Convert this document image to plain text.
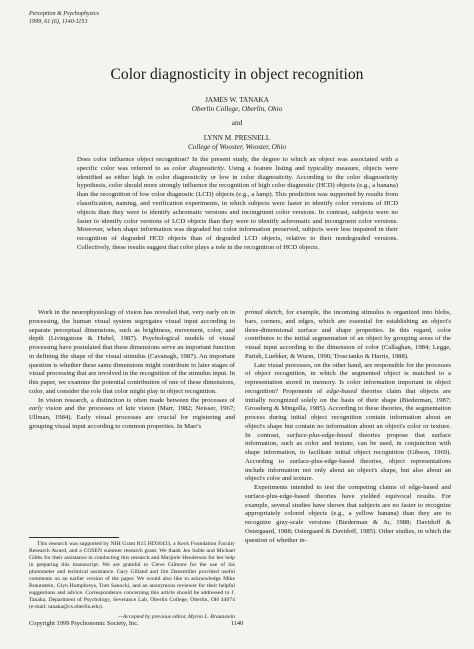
Perception & Psychophysics
1999, 61 (6), 1140-1153
Color diagnosticity in object recognition
JAMES W. TANAKA
Oberlin College, Oberlin, Ohio
and
LYNN M. PRESNELL
College of Wooster, Wooster, Ohio
Does color influence object recognition? In the present study, the degree to which an object was associated with a specific color was referred to as color diagnosticity. Using a feature listing and typicality measure, objects were identified as either high in color diagnosticity or low in color diagnosticity. According to the color diagnosticity hypothesis, color should more strongly influence the recognition of high color diagnostic (HCD) objects (e.g., a banana) than the recognition of low color diagnostic (LCD) objects (e.g., a lamp). This prediction was supported by results from classification, naming, and verification experiments, in which subjects were faster to identify color versions of HCD objects than they were to identify achromatic versions and incongruent color versions. In contrast, subjects were no faster to identify color versions of LCD objects than they were to identify achromatic and incongruent color versions. Moreover, when shape information was degraded but color information preserved, subjects were less impaired in their recognition of degraded HCD objects than of degraded LCD objects, relative to their nondegraded versions. Collectively, these results suggest that color plays a role in the recognition of HCD objects.

Work in the neurophysiology of vision has revealed that, very early on in processing, the human visual system segregates visual input according to separate perceptual dimensions, such as brightness, movement, color, and depth (Livingstone & Hubel, 1987). Psychological models of visual processing have postulated that these dimensions serve an important function in defining the shape of the visual stimulus (Cavanagh, 1987). An important question is whether these same dimensions might contribute to later stages of visual processing that are involved in the recognition of the stimulus input. In this paper, we examine the potential contribution of one of these dimensions, color, and consider the role that color might play in object recognition.

In vision research, a distinction is often made between the processes of early vision and the processes of late vision (Marr, 1982; Neisser, 1967; Ullman, 1984). Early visual processes are crucial for registering and grouping visual input according to common properties. In Marr's

primal sketch, for example, the incoming stimulus is organized into blobs, bars, corners, and edges, which are essential for establishing an object's three-dimensional surface and shape properties. In this regard, color contributes to the initial segmentation of an object by grouping areas of the visual input according to the dimension of color (Callaghan, 1984; Legge, Parish, Luebker, & Wurm, 1990; Troscianko & Harris, 1988).

Late visual processes, on the other hand, are responsible for the processes of object recognition, in which the segmented object is matched to a representation stored in memory. Is color information important in object recognition? Proponents of edge-based theories claim that objects are initially recognized solely on the basis of their shape (Biederman, 1987; Grossberg & Mingolla, 1985). According to these theories, the segmentation process during initial object recognition contain information about an object's shape but contain no information about an object's color or texture. In contrast, surface-plus-edge-based theories propose that surface information, such as color and texture, can be used, in conjunction with shape information, to facilitate initial object recognition (Gibson, 1969). According to surface-plus-edge-based theories, object representations include information not only about an object's shape, but also about an object's color and texture.

Experiments intended to test the competing claims of edge-based and surface-plus-edge-based theories have yielded equivocal results. For example, several studies have shown that subjects are no faster to recognize appropriately colored objects (e.g., a yellow banana) than they are to recognize gray-scale versions (Biederman & Ju, 1988; Davidoff & Ostergaard, 1988; Ostergaard & Davidoff, 1985). Other studies, in which the question of whether in-

This research was supported by NIH Grant R15 HD30433, a Keck Foundation Faculty Research Award, and a COSEN summer research grant. We thank Jen Sable and Michael Gibbs for their assistance in conducting this research and Marjorie Henderson for her help in preparing this manuscript. We are grateful to Cleve Gilmore for the use of his photometer and technical assistance. Gary Gilland and Jim Danemiller provided useful comments on an earlier version of the paper. We would also like to acknowledge Mike Braunstein, Glyn Humphreys, Tom Sanocki, and an anonymous reviewer for their helpful suggestions and advice. Correspondence concerning this article should be addressed to J. Tanaka, Department of Psychology, Severance Lab, Oberlin College, Oberlin, OH 44074 (e-mail: tanaka@cs.oberlin.edu).

—Accepted by previous editor, Myron L. Braunstein

Copyright 1999 Psychonomic Society, Inc.	1140
